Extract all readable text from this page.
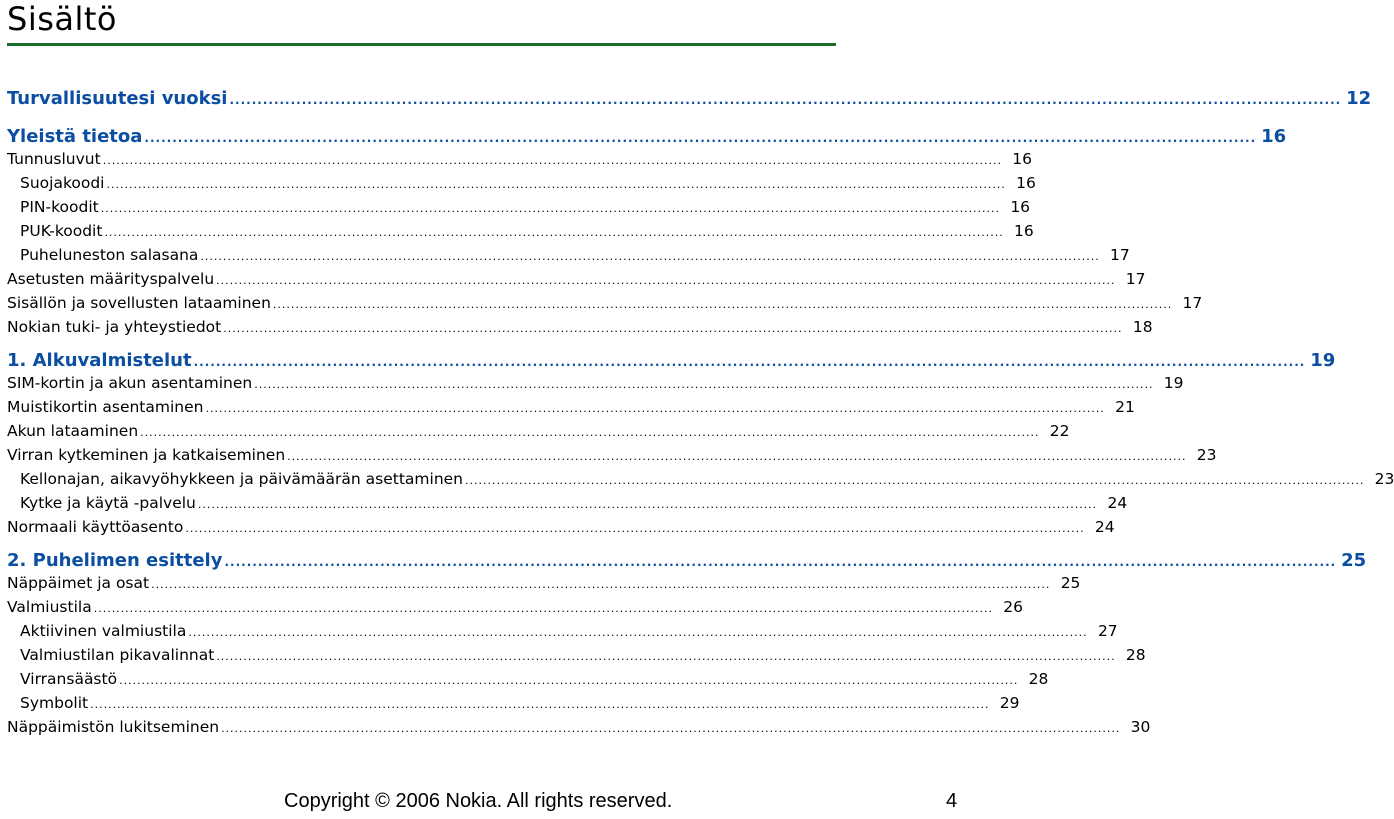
Sisältö
Turvallisuutesi vuoksi ........................................................................................................................................................................................................ 12
Yleistä tietoa ........................................................................................................................................................................................................ 16
Tunnusluvut ........................................................................................................................................................................................................ 16
Suojakoodi ........................................................................................................................................................................................................ 16
PIN-koodit ........................................................................................................................................................................................................ 16
PUK-koodit ........................................................................................................................................................................................................ 16
Puheluneston salasana ........................................................................................................................................................................................................ 17
Asetusten määrityspalvelu ........................................................................................................................................................................................................ 17
Sisällön ja sovellusten lataaminen ........................................................................................................................................................................................................ 17
Nokian tuki- ja yhteystiedot ........................................................................................................................................................................................................ 18
1. Alkuvalmistelut ........................................................................................................................................................................................................ 19
SIM-kortin ja akun asentaminen ........................................................................................................................................................................................................ 19
Muistikortin asentaminen ........................................................................................................................................................................................................ 21
Akun lataaminen ........................................................................................................................................................................................................ 22
Virran kytkeminen ja katkaiseminen ........................................................................................................................................................................................................ 23
Kellonajan, aikavyöhykkeen ja päivämäärän asettaminen ........................................................................................................................................................................................................ 23
Kytke ja käytä -palvelu ........................................................................................................................................................................................................ 24
Normaali käyttöasento ........................................................................................................................................................................................................ 24
2. Puhelimen esittely ........................................................................................................................................................................................................ 25
Näppäimet ja osat ........................................................................................................................................................................................................ 25
Valmiustila ........................................................................................................................................................................................................ 26
Aktiivinen valmiustila ........................................................................................................................................................................................................ 27
Valmiustilan pikavalinnat ........................................................................................................................................................................................................ 28
Virransäästö ........................................................................................................................................................................................................ 28
Symbolit ........................................................................................................................................................................................................ 29
Näppäimistön lukitseminen ........................................................................................................................................................................................................ 30
Copyright © 2006 Nokia. All rights reserved.	4
